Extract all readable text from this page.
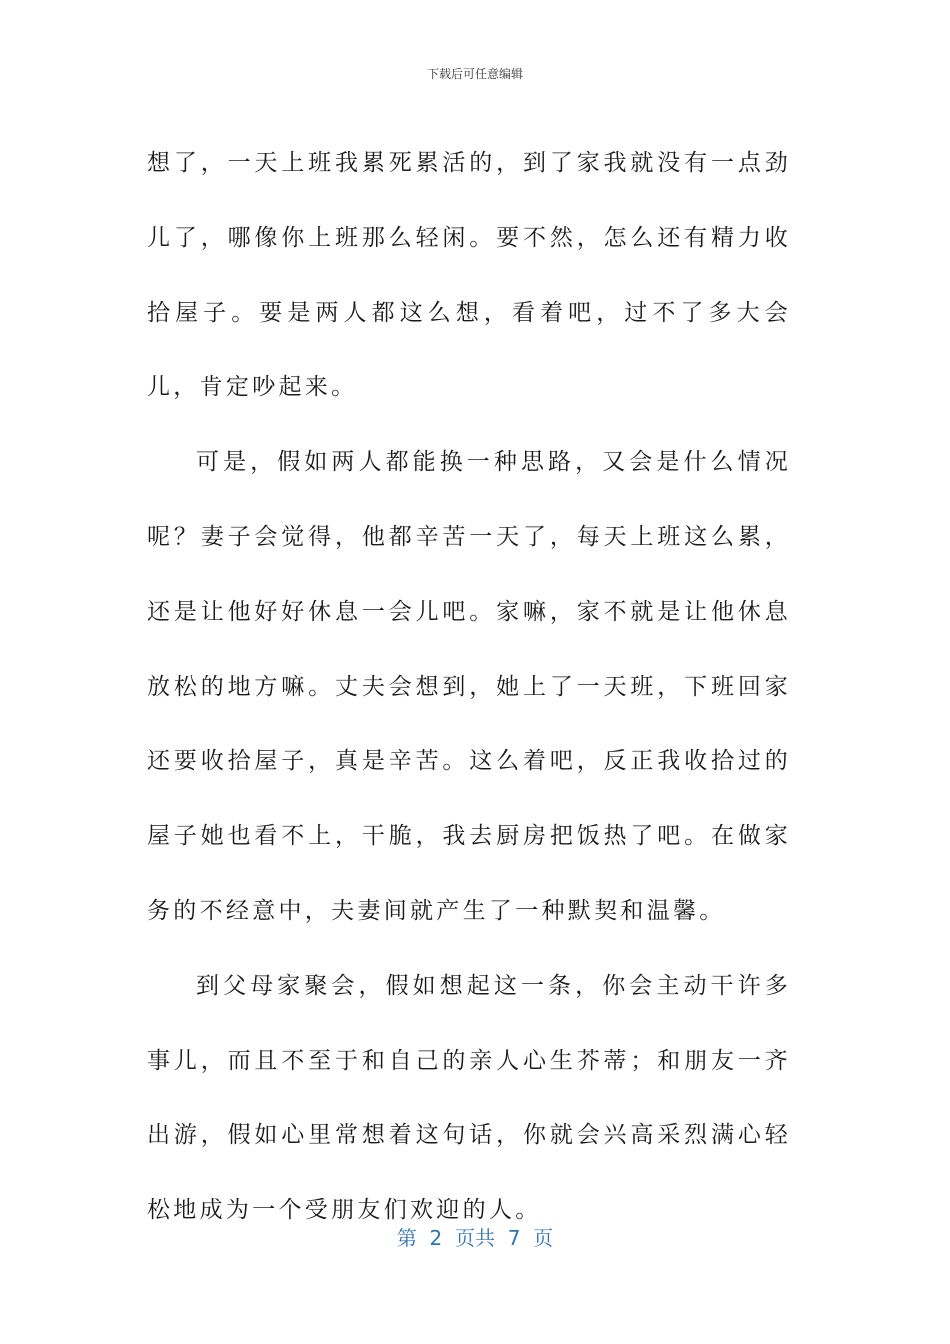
下载后可任意编辑

想了，一天上班我累死累活的，到了家我就没有一点劲儿了，哪像你上班那么轻闲。要不然，怎么还有精力收拾屋子。要是两人都这么想，看着吧，过不了多大会儿，肯定吵起来。

可是，假如两人都能换一种思路，又会是什么情况呢？妻子会觉得，他都辛苦一天了，每天上班这么累，还是让他好好休息一会儿吧。家嘛，家不就是让他休息放松的地方嘛。丈夫会想到，她上了一天班，下班回家还要收拾屋子，真是辛苦。这么着吧，反正我收拾过的屋子她也看不上，干脆，我去厨房把饭热了吧。在做家务的不经意中，夫妻间就产生了一种默契和温馨。

到父母家聚会，假如想起这一条，你会主动干许多事儿，而且不至于和自己的亲人心生芥蒂；和朋友一齐出游，假如心里常想着这句话，你就会兴高采烈满心轻松地成为一个受朋友们欢迎的人。

第  2  页共  7  页
